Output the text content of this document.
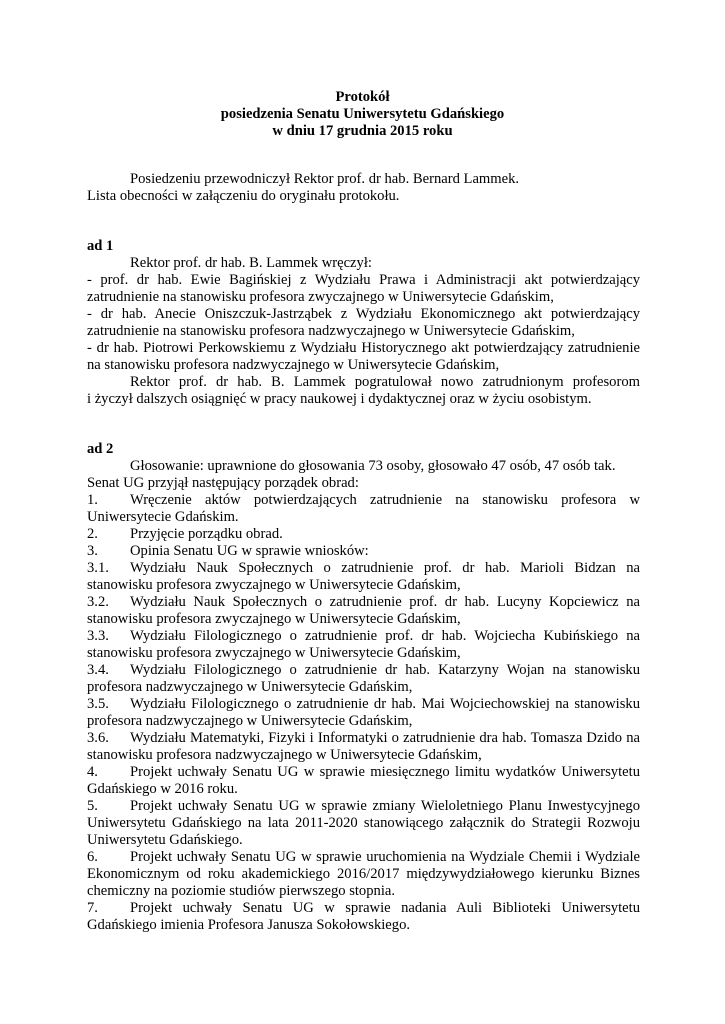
Protokół
posiedzenia Senatu Uniwersytetu Gdańskiego
w dniu 17 grudnia 2015 roku
Posiedzeniu przewodniczył Rektor prof. dr hab. Bernard Lammek.
Lista obecności w załączeniu do oryginału protokołu.
ad 1
Rektor prof. dr hab. B. Lammek wręczył:
- prof. dr hab. Ewie Bagińskiej z Wydziału Prawa i Administracji akt potwierdzający
zatrudnienie na stanowisku profesora zwyczajnego w Uniwersytecie Gdańskim,
- dr hab. Anecie Oniszczuk-Jastrząbek z Wydziału Ekonomicznego akt potwierdzający
zatrudnienie na stanowisku profesora nadzwyczajnego w Uniwersytecie Gdańskim,
- dr hab. Piotrowi Perkowskiemu z Wydziału Historycznego akt potwierdzający zatrudnienie
na stanowisku profesora nadzwyczajnego w Uniwersytecie Gdańskim,
Rektor prof. dr hab. B. Lammek pogratulował nowo zatrudnionym profesorom
i życzył dalszych osiągnięć w pracy naukowej i dydaktycznej oraz w życiu osobistym.
ad 2
Głosowanie: uprawnione do głosowania 73 osoby, głosowało 47 osób, 47 osób tak.
Senat UG przyjął następujący porządek obrad:
1. Wręczenie aktów potwierdzających zatrudnienie na stanowisku profesora w
Uniwersytecie Gdańskim.
2. Przyjęcie porządku obrad.
3. Opinia Senatu UG w sprawie wniosków:
3.1. Wydziału Nauk Społecznych o zatrudnienie prof. dr hab. Marioli Bidzan na
stanowisku profesora zwyczajnego w Uniwersytecie Gdańskim,
3.2. Wydziału Nauk Społecznych o zatrudnienie prof. dr hab. Lucyny Kopciewicz na
stanowisku profesora zwyczajnego w Uniwersytecie Gdańskim,
3.3. Wydziału Filologicznego o zatrudnienie prof. dr hab. Wojciecha Kubińskiego na
stanowisku profesora zwyczajnego w Uniwersytecie Gdańskim,
3.4. Wydziału Filologicznego o zatrudnienie dr hab. Katarzyny Wojan na stanowisku
profesora nadzwyczajnego w Uniwersytecie Gdańskim,
3.5. Wydziału Filologicznego o zatrudnienie dr hab. Mai Wojciechowskiej na stanowisku
profesora nadzwyczajnego w Uniwersytecie Gdańskim,
3.6. Wydziału Matematyki, Fizyki i Informatyki o zatrudnienie dra hab. Tomasza Dzido na
stanowisku profesora nadzwyczajnego w Uniwersytecie Gdańskim,
4. Projekt uchwały Senatu UG w sprawie miesięcznego limitu wydatków Uniwersytetu
Gdańskiego w 2016 roku.
5. Projekt uchwały Senatu UG w sprawie zmiany Wieloletniego Planu Inwestycyjnego
Uniwersytetu Gdańskiego na lata 2011-2020 stanowiącego załącznik do Strategii Rozwoju
Uniwersytetu Gdańskiego.
6. Projekt uchwały Senatu UG w sprawie uruchomienia na Wydziale Chemii i Wydziale
Ekonomicznym od roku akademickiego 2016/2017 międzywydziałowego kierunku Biznes
chemiczny na poziomie studiów pierwszego stopnia.
7. Projekt uchwały Senatu UG w sprawie nadania Auli Biblioteki Uniwersytetu
Gdańskiego imienia Profesora Janusza Sokołowskiego.
